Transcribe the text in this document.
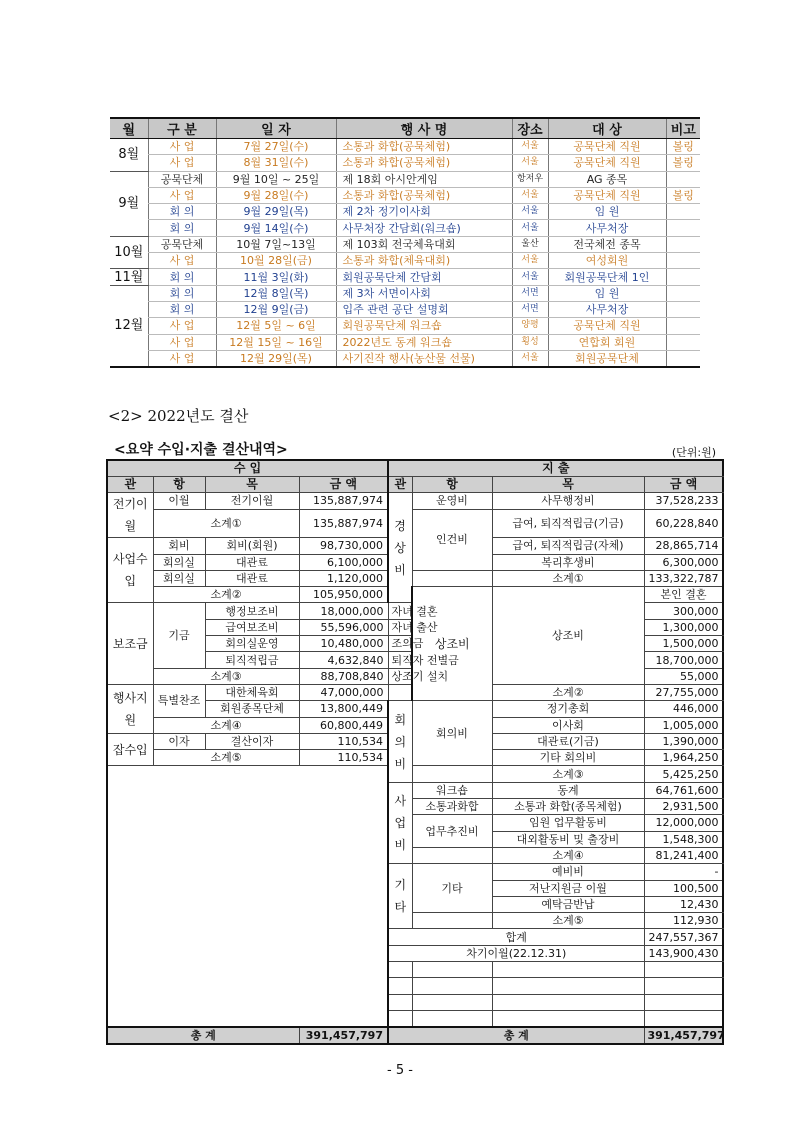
월	구 분	일 자	행 사 명	장소	대 상	비고
8월	사 업	7월 27일(수)	소통과 화합(공묵체험)	서울	공묵단체 직원	볼링
	사 업	8월 31일(수)	소통과 화합(공묵체험)	서울	공묵단체 직원	볼링
9월	공묵단체	9월 10일 ~ 25일	제 18회 아시안게임	항저우	AG 종목	
	사 업	9월 28일(수)	소통과 화합(공묵체험)	서울	공묵단체 직원	볼링
	회 의	9월 29일(목)	제 2차 정기이사회	서울	임 원	
	회 의	9월 14일(수)	사무처장 간담회(워크숍)	서울	사무처장	
10월	공묵단체	10월 7일~13일	제 103회 전국체육대회	울산	전국체전 종목	
	사 업	10월 28일(금)	소통과 화합(체육대회)	서울	여성회원	
11월	회 의	11월 3일(화)	회원공묵단체 간담회	서울	회원공묵단체 1인	
12월	회 의	12월 8일(목)	제 3차 서면이사회	서면	임 원	
	회 의	12월 9일(금)	입주 관련 공단 설명회	서면	사무처장	
	사 업	12월 5일 ~ 6일	회원공묵단체 워크숍	양평	공묵단체 직원	
	사 업	12월 15일 ~ 16일	2022년도 동계 워크숍	횡성	연합회 회원	
	사 업	12월 29일(목)	사기진작 행사(농산물 선물)	서울	회원공묵단체	
<2> 2022년도 결산
<요약 수입·지출 결산내역>	(단위:원)
수 입				지 출				
관	항	목	금 액	관	항	목	금 액	
전기이월	이월	전기이월	135,887,974	경상비	운영비	사무행정비	37,528,233	
	소계①		135,887,974		인건비	급여, 퇴직적립금(기금)	60,228,840	
사업수입	회비	회비(회원)	98,730,000			급여, 퇴직적립금(자체)	28,865,714	
	회의실	대관료	6,100,000			복리후생비	6,300,000	
	회의실	대관료	1,120,000			소계①	133,322,787	
	소계②		105,950,000		상조비	상조비	본인 결혼	
보조금	기금	행정보조비	18,000,000	자녀 결혼			300,000	
		급여보조비	55,596,000	자녀 출산			1,300,000	
		회의실운영	10,480,000	조의금			1,500,000	
		퇴직적립금	4,632,840	퇴직자 전별금			18,700,000	
	소계③		88,708,840	상조기 설치			55,000	
행사지원	특별찬조	대한체육회	47,000,000			소계②	27,755,000	
		회원종목단체	13,800,449	회의비	회의비	정기총회	446,000	
	소계④		60,800,449			이사회	1,005,000	
잡수입	이자	결산이자	110,534			대관료(기금)	1,390,000	
	소계⑤		110,534			기타 회의비	1,964,250	
						소계③	5,425,250	
				사업비	워크숍	동계	64,761,600	
					소통과화합	소통과 화합(종목체험)	2,931,500	
					업무추진비	임원 업무활동비	12,000,000	
						대외활동비 및 출장비	1,548,300	
						소계④	81,241,400	
				기타	기타	예비비	-	
						저난지원금 이월	100,500	
						예탁금반납	12,430	
						소계⑤	112,930	
				합계			247,557,367	
				차기이월(22.12.31)			143,900,430	

총 계			391,457,797	총 계			391,457,797	
- 5 -
